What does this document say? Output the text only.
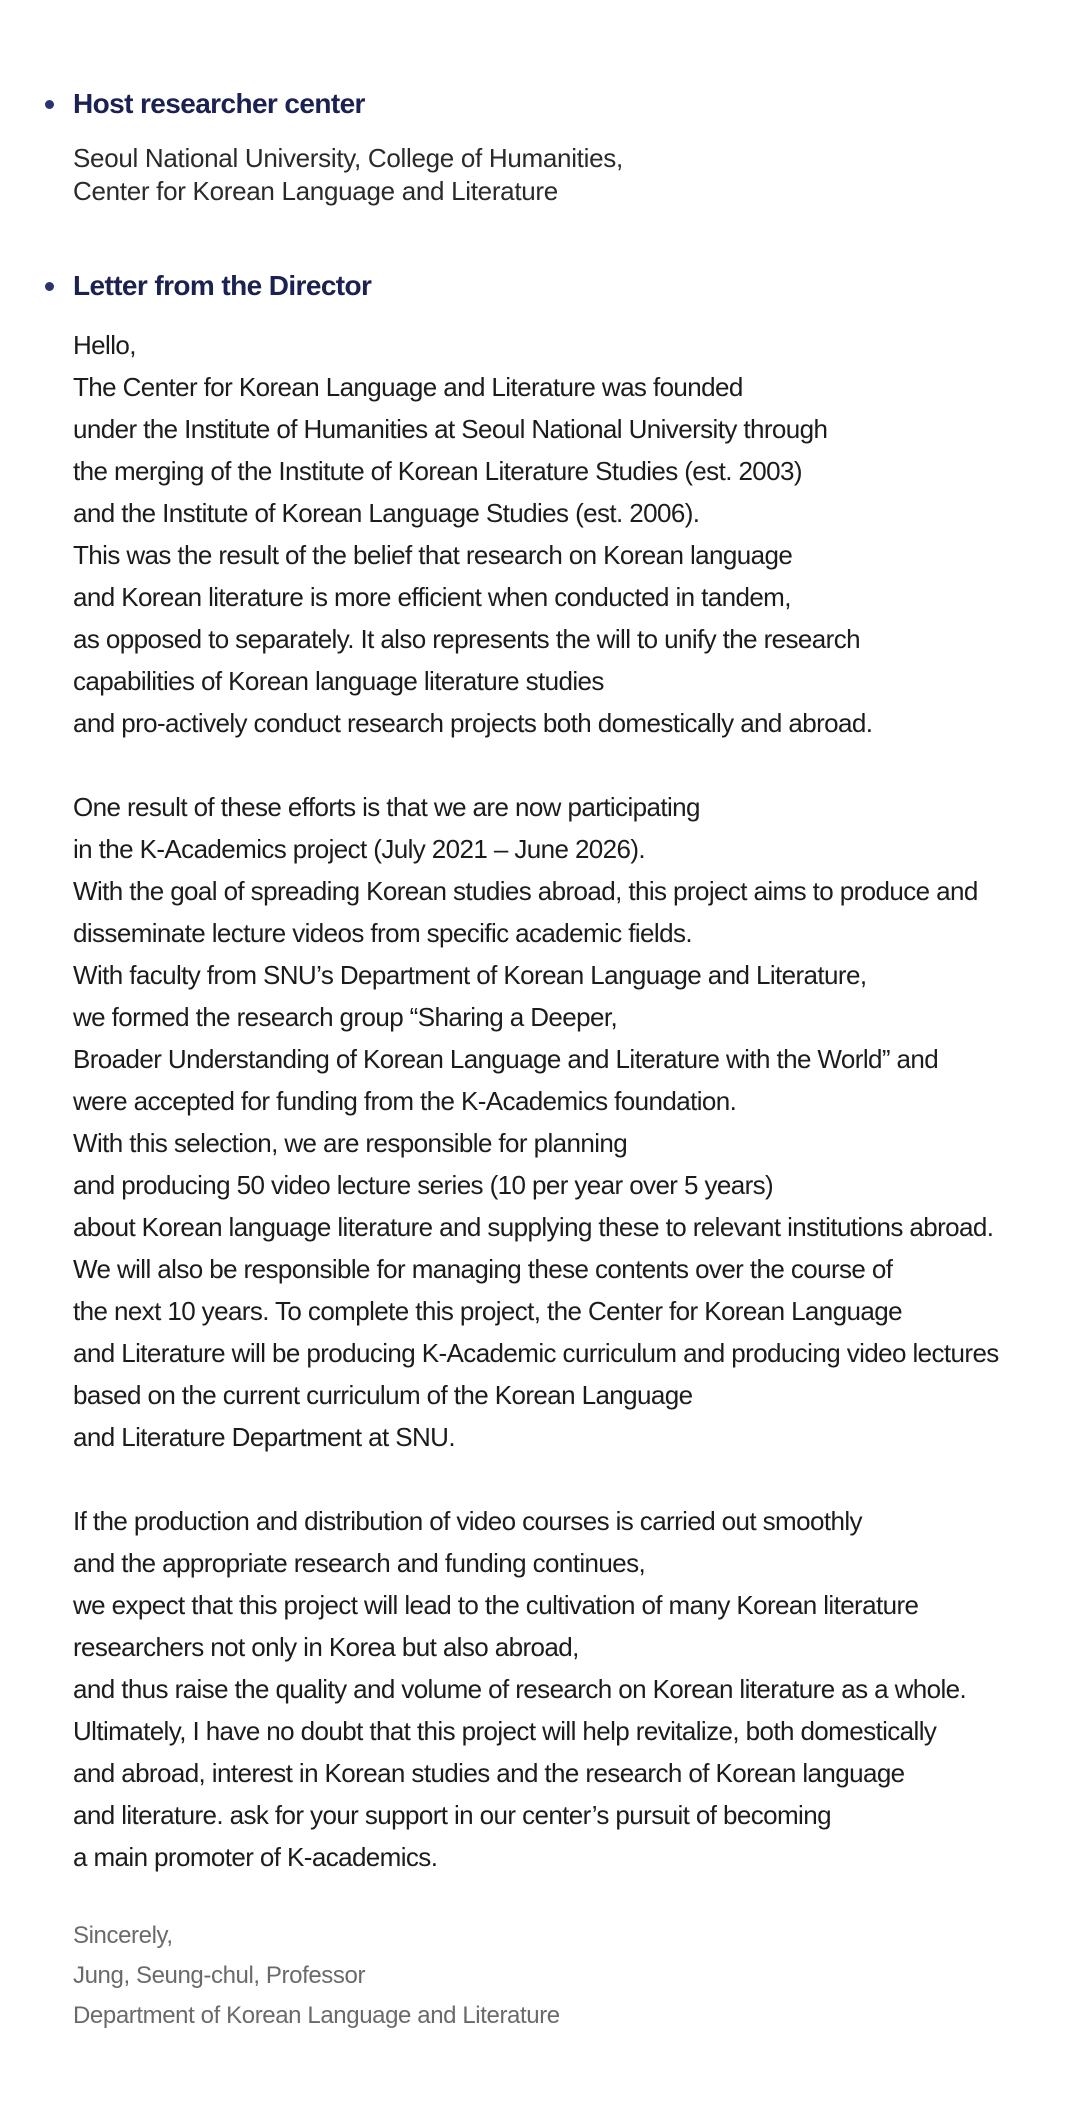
Host researcher center
Seoul National University, College of Humanities,
Center for Korean Language and Literature
Letter from the Director
Hello,
The Center for Korean Language and Literature was founded
under the Institute of Humanities at Seoul National University through
the merging of the Institute of Korean Literature Studies (est. 2003)
and the Institute of Korean Language Studies (est. 2006).
This was the result of the belief that research on Korean language
and Korean literature is more efficient when conducted in tandem,
as opposed to separately. It also represents the will to unify the research
capabilities of Korean language literature studies
and pro-actively conduct research projects both domestically and abroad.
One result of these efforts is that we are now participating
in the K-Academics project (July 2021 – June 2026).
With the goal of spreading Korean studies abroad, this project aims to produce and
disseminate lecture videos from specific academic fields.
With faculty from SNU’s Department of Korean Language and Literature,
we formed the research group “Sharing a Deeper,
Broader Understanding of Korean Language and Literature with the World” and
were accepted for funding from the K-Academics foundation.
With this selection, we are responsible for planning
and producing 50 video lecture series (10 per year over 5 years)
about Korean language literature and supplying these to relevant institutions abroad.
We will also be responsible for managing these contents over the course of
the next 10 years. To complete this project, the Center for Korean Language
and Literature will be producing K-Academic curriculum and producing video lectures
based on the current curriculum of the Korean Language
and Literature Department at SNU.
If the production and distribution of video courses is carried out smoothly
and the appropriate research and funding continues,
we expect that this project will lead to the cultivation of many Korean literature
researchers not only in Korea but also abroad,
and thus raise the quality and volume of research on Korean literature as a whole.
Ultimately, I have no doubt that this project will help revitalize, both domestically
and abroad, interest in Korean studies and the research of Korean language
and literature. ask for your support in our center’s pursuit of becoming
a main promoter of K-academics.
Sincerely,
Jung, Seung-chul, Professor
Department of Korean Language and Literature
